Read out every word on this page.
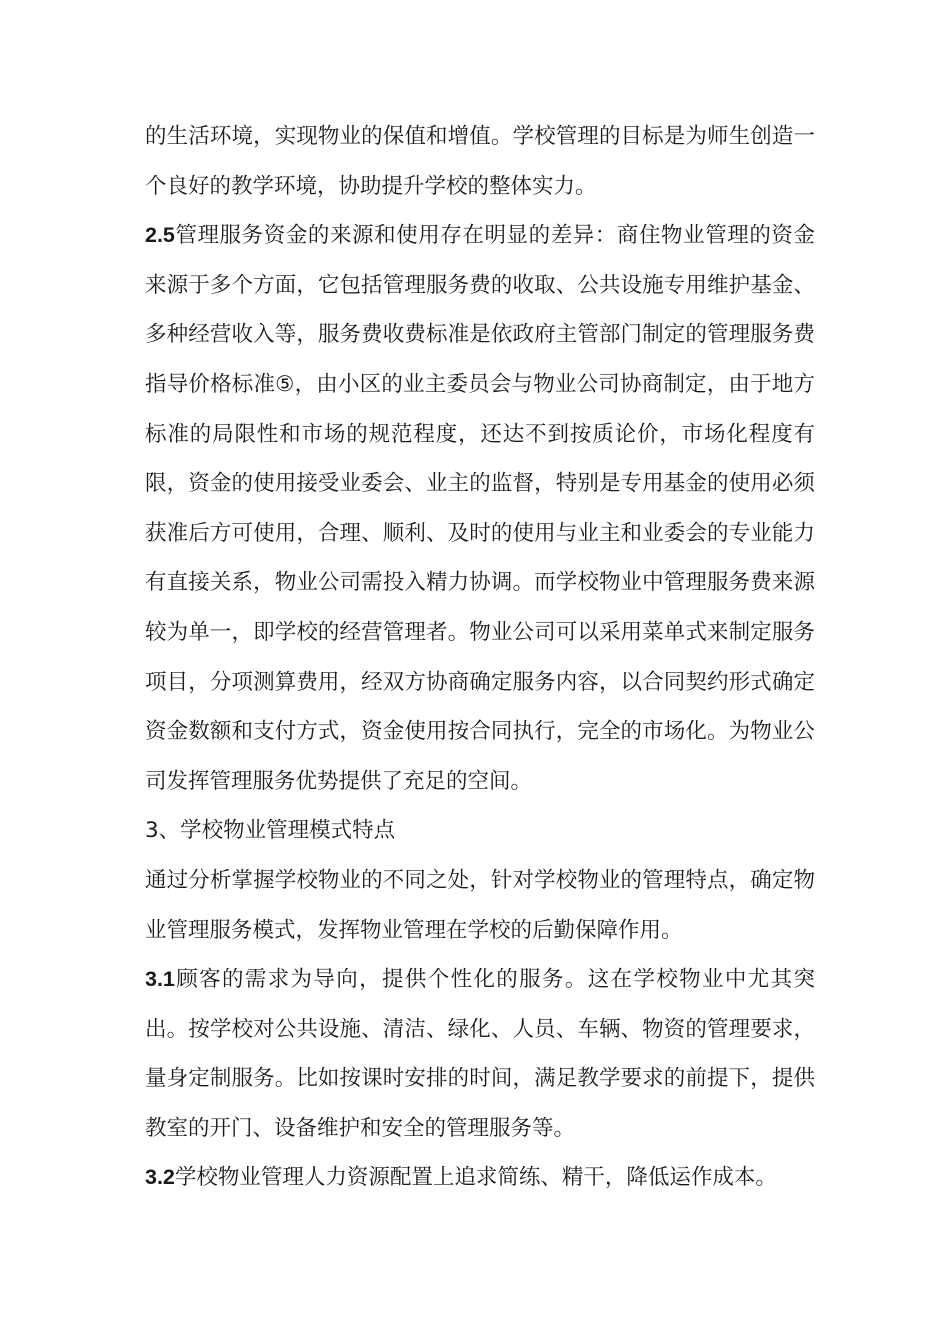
的生活环境，实现物业的保值和增值。学校管理的目标是为师生创造一个良好的教学环境，协助提升学校的整体实力。

2.5管理服务资金的来源和使用存在明显的差异：商住物业管理的资金来源于多个方面，它包括管理服务费的收取、公共设施专用维护基金、多种经营收入等，服务费收费标准是依政府主管部门制定的管理服务费指导价格标准⑤，由小区的业主委员会与物业公司协商制定，由于地方标准的局限性和市场的规范程度，还达不到按质论价，市场化程度有限，资金的使用接受业委会、业主的监督，特别是专用基金的使用必须获准后方可使用，合理、顺利、及时的使用与业主和业委会的专业能力有直接关系，物业公司需投入精力协调。而学校物业中管理服务费来源较为单一，即学校的经营管理者。物业公司可以采用菜单式来制定服务项目，分项测算费用，经双方协商确定服务内容，以合同契约形式确定资金数额和支付方式，资金使用按合同执行，完全的市场化。为物业公司发挥管理服务优势提供了充足的空间。

3、学校物业管理模式特点

通过分析掌握学校物业的不同之处，针对学校物业的管理特点，确定物业管理服务模式，发挥物业管理在学校的后勤保障作用。

3.1顾客的需求为导向，提供个性化的服务。这在学校物业中尤其突出。按学校对公共设施、清洁、绿化、人员、车辆、物资的管理要求，量身定制服务。比如按课时安排的时间，满足教学要求的前提下，提供教室的开门、设备维护和安全的管理服务等。

3.2学校物业管理人力资源配置上追求简练、精干，降低运作成本。
